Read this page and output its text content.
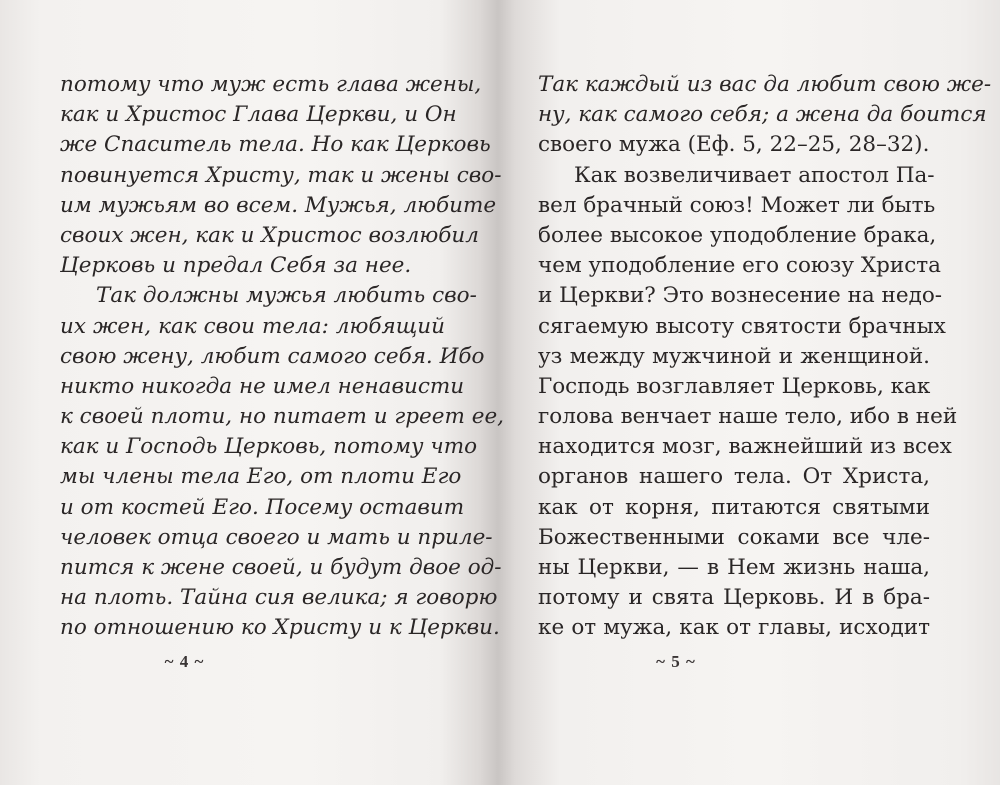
потому что муж есть глава жены,
как и Христос Глава Церкви, и Он
же Спаситель тела. Но как Церковь
повинуется Христу, так и жены сво-
им мужьям во всем. Мужья, любите
своих жен, как и Христос возлюбил
Церковь и предал Себя за нее.
Так должны мужья любить сво-
их жен, как свои тела: любящий
свою жену, любит самого себя. Ибо
никто никогда не имел ненависти
к своей плоти, но питает и греет ее,
как и Господь Церковь, потому что
мы члены тела Его, от плоти Его
и от костей Его. Посему оставит
человек отца своего и мать и приле-
пится к жене своей, и будут двое од-
на плоть. Тайна сия велика; я говорю
по отношению ко Христу и к Церкви.
~ 4 ~
Так каждый из вас да любит свою же-
ну, как самого себя; а жена да боится
своего мужа (Еф. 5, 22–25, 28–32).
Как возвеличивает апостол Па-
вел брачный союз! Может ли быть
более высокое уподобление брака,
чем уподобление его союзу Христа
и Церкви? Это вознесение на недо-
сягаемую высоту святости брачных
уз между мужчиной и женщиной.
Господь возглавляет Церковь, как
голова венчает наше тело, ибо в ней
находится мозг, важнейший из всех
органов нашего тела. От Христа,
как от корня, питаются святыми
Божественными соками все чле-
ны Церкви, — в Нем жизнь наша,
потому и свята Церковь. И в бра-
ке от мужа, как от главы, исходит
~ 5 ~
